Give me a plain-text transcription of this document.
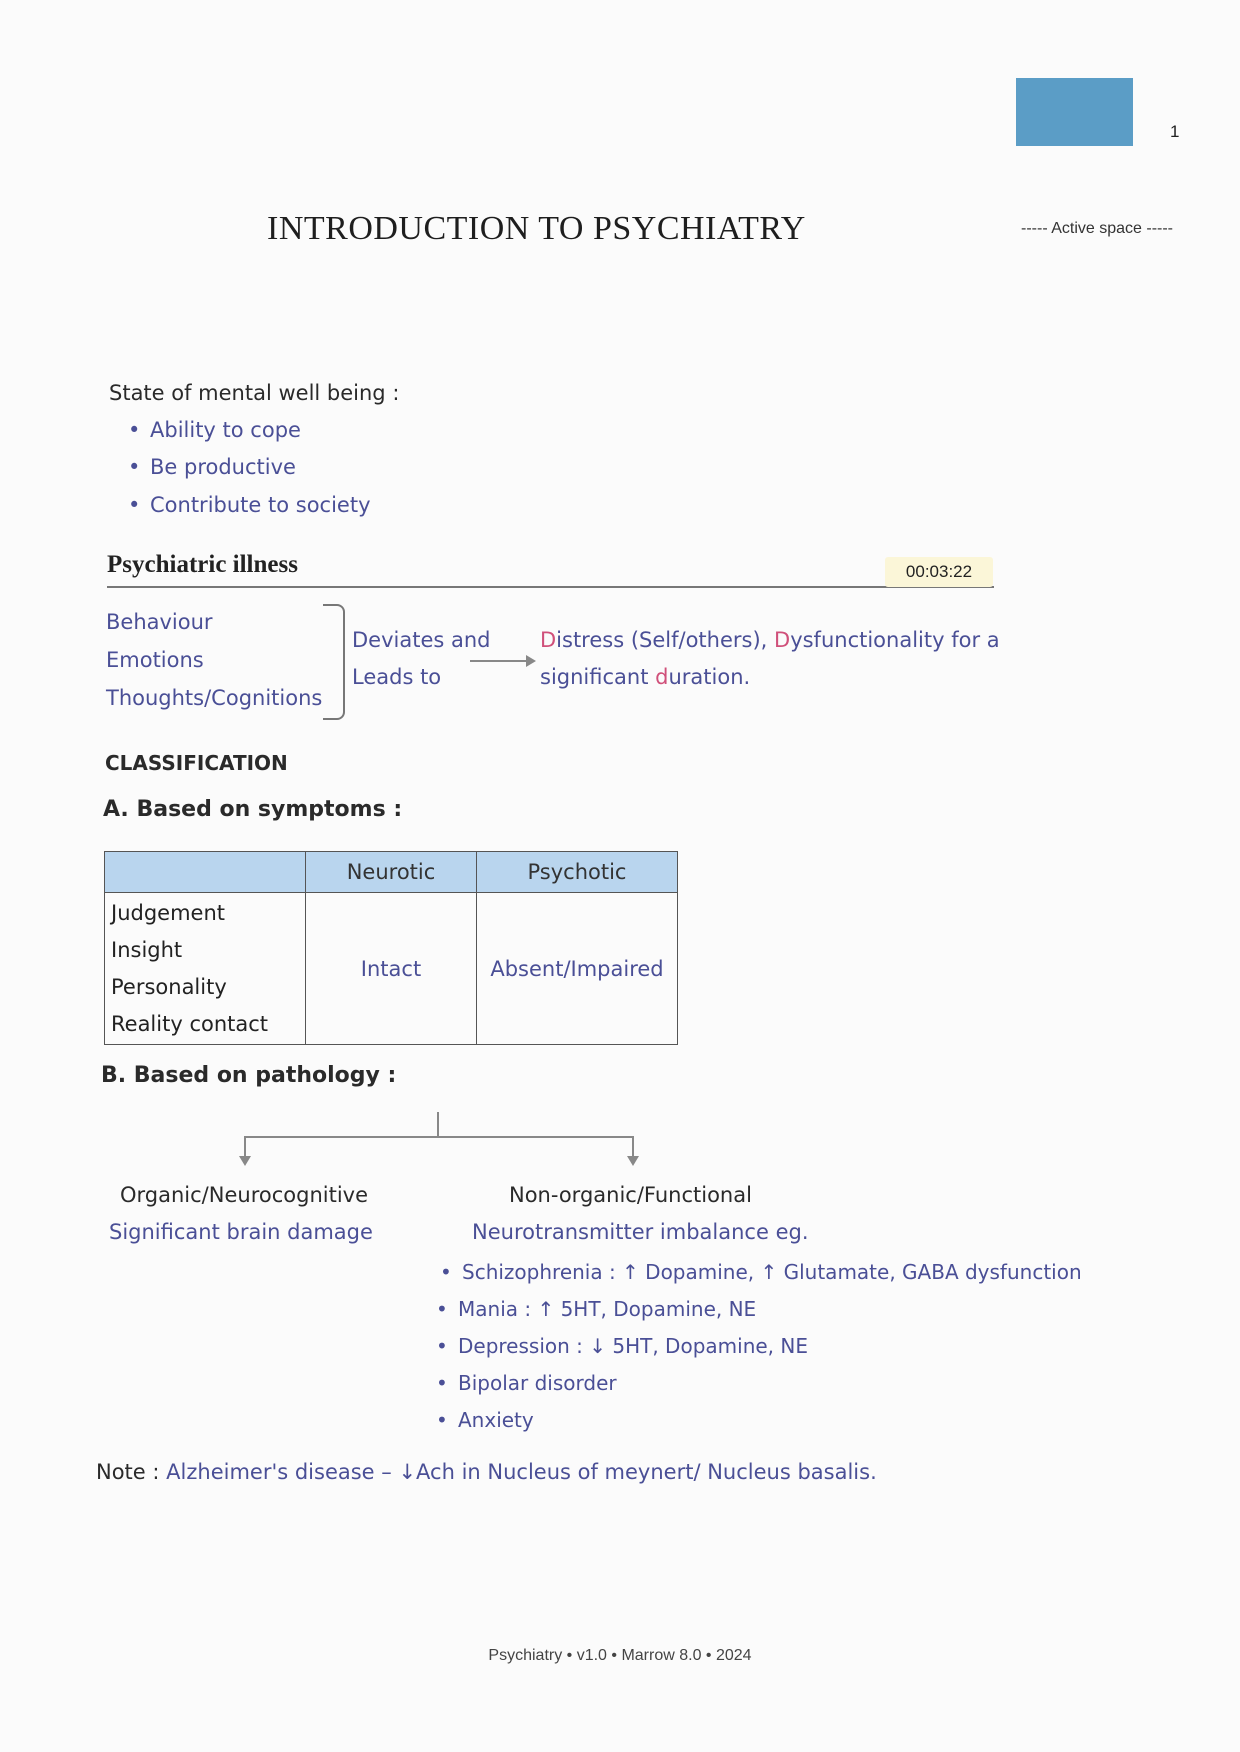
1
INTRODUCTION TO PSYCHIATRY	----- Active space -----
State of mental well being :
• Ability to cope
• Be productive
• Contribute to society
Psychiatric illness	00:03:22
Behaviour
Emotions
Thoughts/Cognitions
Deviates and
Leads to
Distress (Self/others), Dysfunctionality for a
significant duration.
CLASSIFICATION
A. Based on symptoms :
	Neurotic	Psychotic

Judgement
Insight
Personality
Reality contact	Intact	Absent/Impaired
B. Based on pathology :
Organic/Neurocognitive
Significant brain damage
Non-organic/Functional
Neurotransmitter imbalance eg.
• Schizophrenia : ↑ Dopamine, ↑ Glutamate, GABA dysfunction
• Mania : ↑ 5HT, Dopamine, NE
• Depression : ↓ 5HT, Dopamine, NE
• Bipolar disorder
• Anxiety
Note : Alzheimer's disease – ↓Ach in Nucleus of meynert/ Nucleus basalis.
Psychiatry • v1.0 • Marrow 8.0 • 2024
